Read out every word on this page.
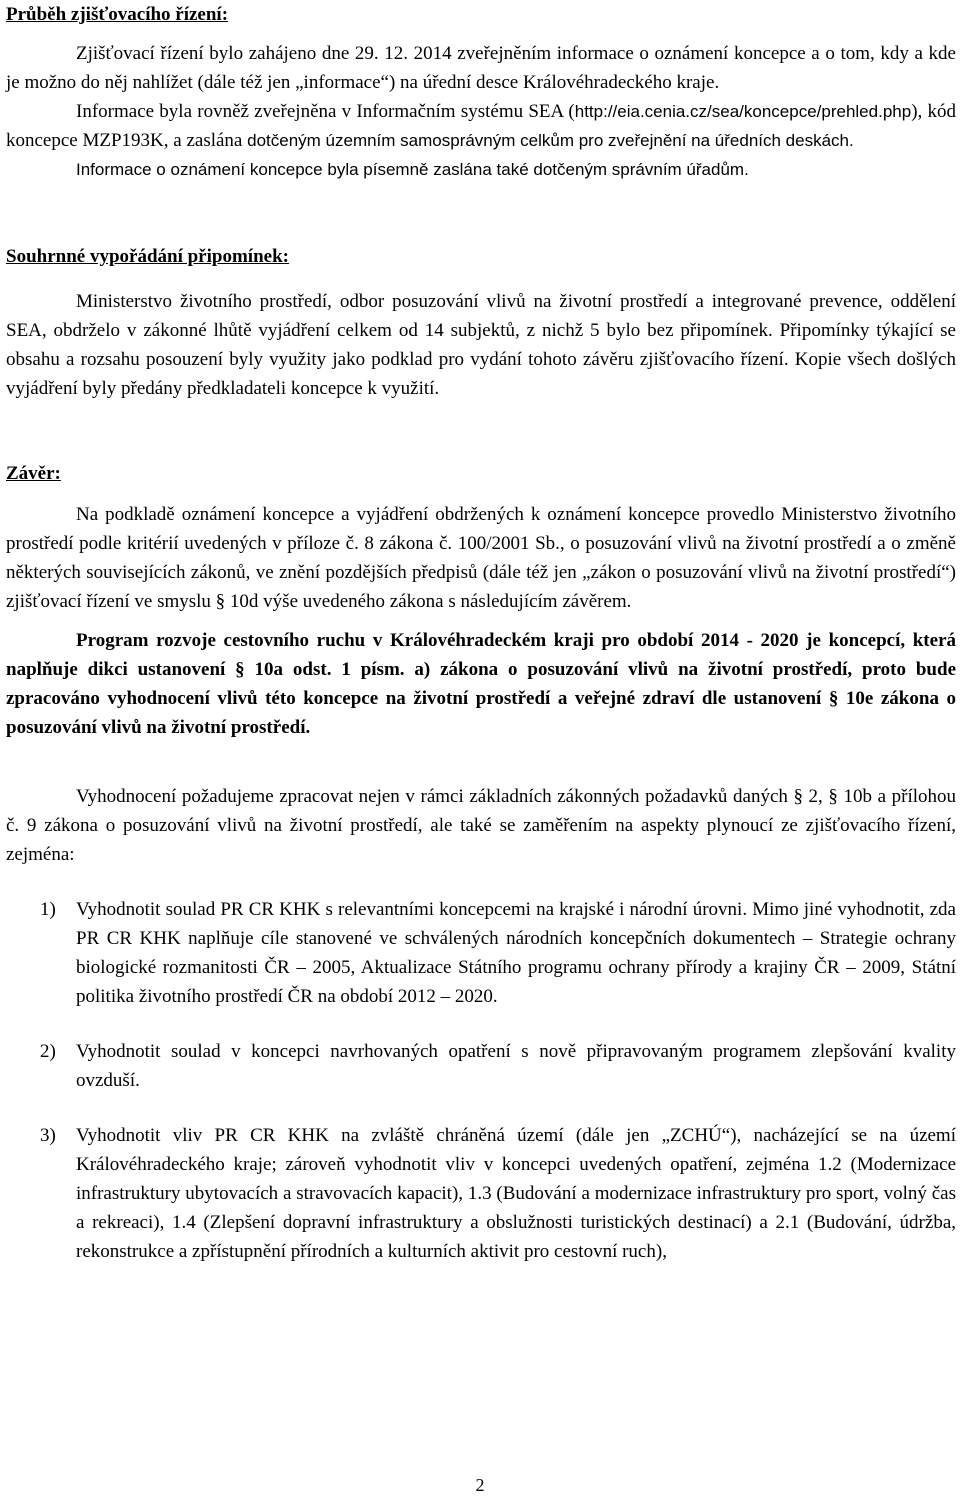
Průběh zjišťovacího řízení:

Zjišťovací řízení bylo zahájeno dne 29. 12. 2014 zveřejněním informace o oznámení koncepce a o tom, kdy a kde je možno do něj nahlížet (dále též jen „informace“) na úřední desce Královéhradeckého kraje.

Informace byla rovněž zveřejněna v Informačním systému SEA (http://eia.cenia.cz/sea/koncepce/prehled.php), kód koncepce MZP193K, a zaslána dotčeným územním samosprávným celkům pro zveřejnění na úředních deskách.

Informace o oznámení koncepce byla písemně zaslána také dotčeným správním úřadům.

Souhrnné vypořádání připomínek:

Ministerstvo životního prostředí, odbor posuzování vlivů na životní prostředí a integrované prevence, oddělení SEA, obdrželo v zákonné lhůtě vyjádření celkem od 14 subjektů, z nichž 5 bylo bez připomínek. Připomínky týkající se obsahu a rozsahu posouzení byly využity jako podklad pro vydání tohoto závěru zjišťovacího řízení. Kopie všech došlých vyjádření byly předány předkladateli koncepce k využití.

Závěr:

Na podkladě oznámení koncepce a vyjádření obdržených k oznámení koncepce provedlo Ministerstvo životního prostředí podle kritérií uvedených v příloze č. 8 zákona č. 100/2001 Sb., o posuzování vlivů na životní prostředí a o změně některých souvisejících zákonů, ve znění pozdějších předpisů (dále též jen „zákon o posuzování vlivů na životní prostředí“) zjišťovací řízení ve smyslu § 10d výše uvedeného zákona s následujícím závěrem.

Program rozvoje cestovního ruchu v Královéhradeckém kraji pro období 2014 - 2020 je koncepcí, která naplňuje dikci ustanovení § 10a odst. 1 písm. a) zákona o posuzování vlivů na životní prostředí, proto bude zpracováno vyhodnocení vlivů této koncepce na životní prostředí a veřejné zdraví dle ustanovení § 10e zákona o posuzování vlivů na životní prostředí.

Vyhodnocení požadujeme zpracovat nejen v rámci základních zákonných požadavků daných § 2, § 10b a přílohou č. 9 zákona o posuzování vlivů na životní prostředí, ale také se zaměřením na aspekty plynoucí ze zjišťovacího řízení, zejména:

1) Vyhodnotit soulad PR CR KHK s relevantními koncepcemi na krajské i národní úrovni. Mimo jiné vyhodnotit, zda PR CR KHK naplňuje cíle stanovené ve schválených národních koncepčních dokumentech – Strategie ochrany biologické rozmanitosti ČR – 2005, Aktualizace Státního programu ochrany přírody a krajiny ČR – 2009, Státní politika životního prostředí ČR na období 2012 – 2020.
2) Vyhodnotit soulad v koncepci navrhovaných opatření s nově připravovaným programem zlepšování kvality ovzduší.
3) Vyhodnotit vliv PR CR KHK na zvláště chráněná území (dále jen „ZCHÚ“), nacházející se na území Královéhradeckého kraje; zároveň vyhodnotit vliv v koncepci uvedených opatření, zejména 1.2 (Modernizace infrastruktury ubytovacích a stravovacích kapacit), 1.3 (Budování a modernizace infrastruktury pro sport, volný čas a rekreaci), 1.4 (Zlepšení dopravní infrastruktury a obslužnosti turistických destinací) a 2.1 (Budování, údržba, rekonstrukce a zpřístupnění přírodních a kulturních aktivit pro cestovní ruch),
2
